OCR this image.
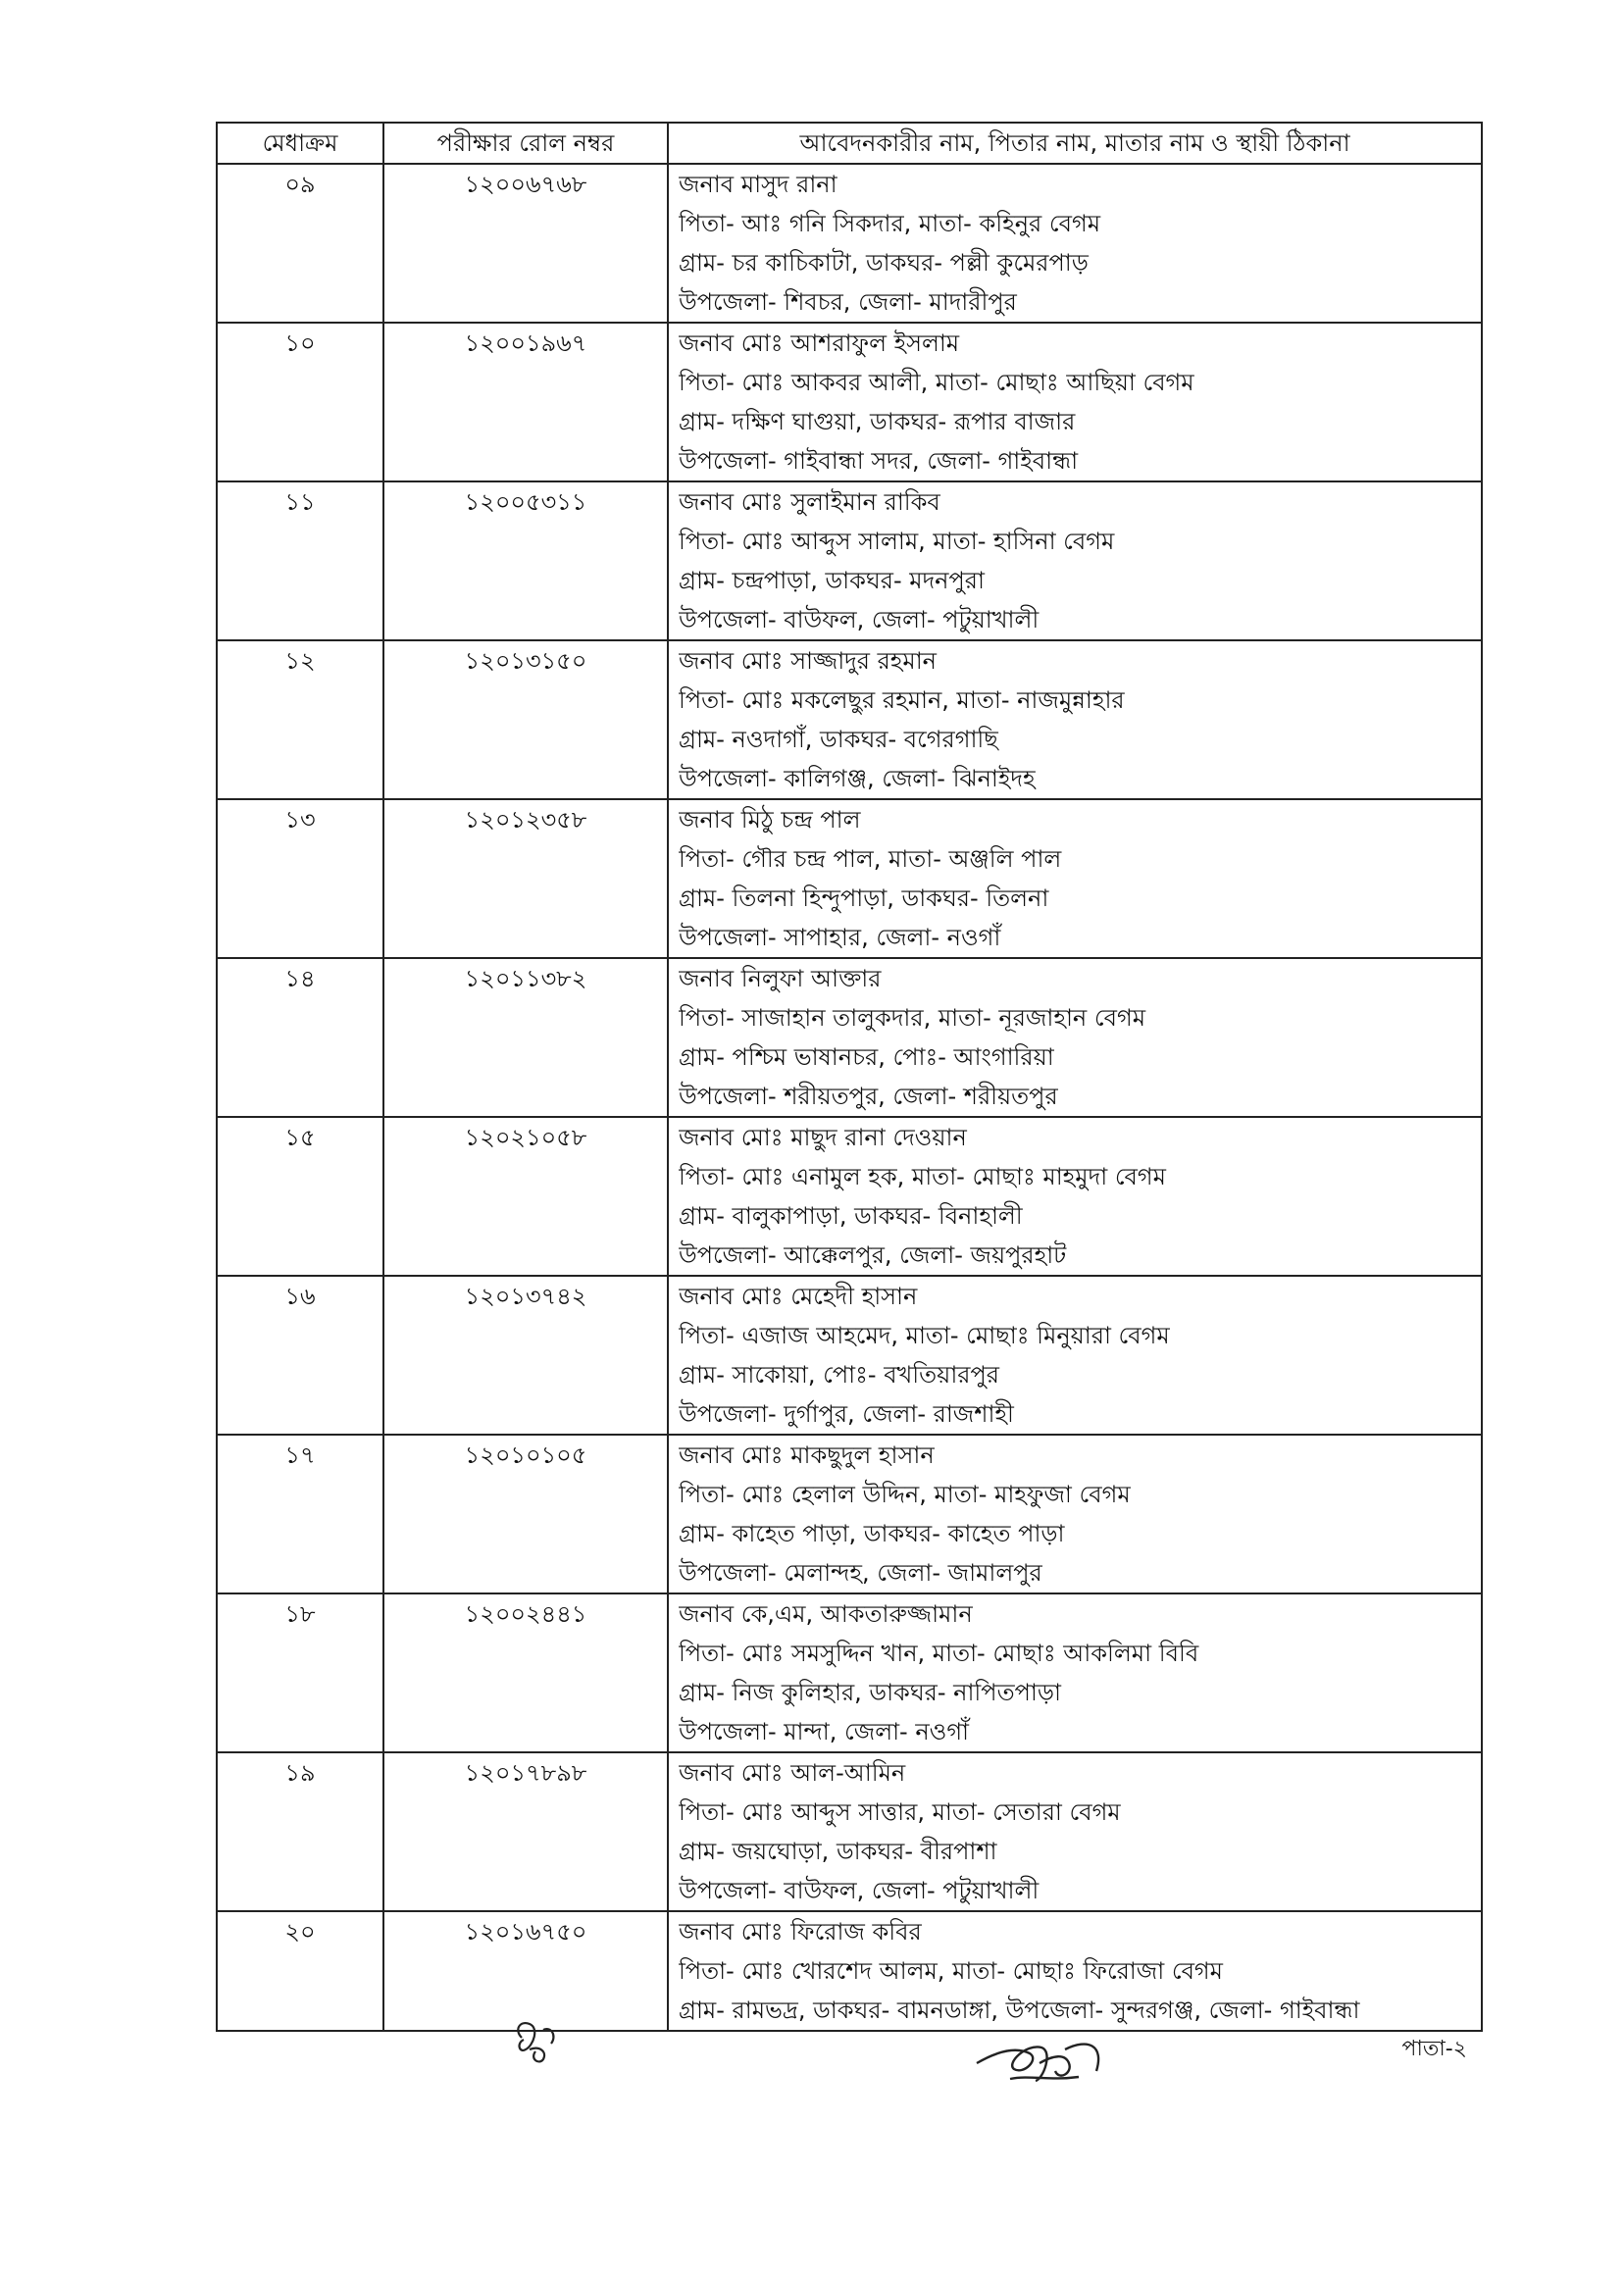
মেধাক্রম	পরীক্ষার রোল নম্বর	আবেদনকারীর নাম, পিতার নাম, মাতার নাম ও স্থায়ী ঠিকানা
০৯	১২০০৬৭৬৮	জনাব মাসুদ রানা
পিতা- আঃ গনি সিকদার, মাতা- কহিনুর বেগম
গ্রাম- চর কাচিকাটা, ডাকঘর- পল্লী কুমেরপাড়
উপজেলা- শিবচর, জেলা- মাদারীপুর

১০	১২০০১৯৬৭	জনাব মোঃ আশরাফুল ইসলাম
পিতা- মোঃ আকবর আলী, মাতা- মোছাঃ আছিয়া বেগম
গ্রাম- দক্ষিণ ঘাগুয়া, ডাকঘর- রূপার বাজার
উপজেলা- গাইবান্ধা সদর, জেলা- গাইবান্ধা

১১	১২০০৫৩১১	জনাব মোঃ সুলাইমান রাকিব
পিতা- মোঃ আব্দুস সালাম, মাতা- হাসিনা বেগম
গ্রাম- চন্দ্রপাড়া, ডাকঘর- মদনপুরা
উপজেলা- বাউফল, জেলা- পটুয়াখালী

১২	১২০১৩১৫০	জনাব মোঃ সাজ্জাদুর রহমান
পিতা- মোঃ মকলেছুর রহমান, মাতা- নাজমুন্নাহার
গ্রাম- নওদাগাঁ, ডাকঘর- বগেরগাছি
উপজেলা- কালিগঞ্জ, জেলা- ঝিনাইদহ

১৩	১২০১২৩৫৮	জনাব মিঠু চন্দ্র পাল
পিতা- গৌর চন্দ্র পাল, মাতা- অঞ্জলি পাল
গ্রাম- তিলনা হিন্দুপাড়া, ডাকঘর- তিলনা
উপজেলা- সাপাহার, জেলা- নওগাঁ

১৪	১২০১১৩৮২	জনাব নিলুফা আক্তার
পিতা- সাজাহান তালুকদার, মাতা- নূরজাহান বেগম
গ্রাম- পশ্চিম ভাষানচর, পোঃ- আংগারিয়া
উপজেলা- শরীয়তপুর, জেলা- শরীয়তপুর

১৫	১২০২১০৫৮	জনাব মোঃ মাছুদ রানা দেওয়ান
পিতা- মোঃ এনামুল হক, মাতা- মোছাঃ মাহমুদা বেগম
গ্রাম- বালুকাপাড়া, ডাকঘর- বিনাহালী
উপজেলা- আক্কেলপুর, জেলা- জয়পুরহাট

১৬	১২০১৩৭৪২	জনাব মোঃ মেহেদী হাসান
পিতা- এজাজ আহমেদ, মাতা- মোছাঃ মিনুয়ারা বেগম
গ্রাম- সাকোয়া, পোঃ- বখতিয়ারপুর
উপজেলা- দুর্গাপুর, জেলা- রাজশাহী

১৭	১২০১০১০৫	জনাব মোঃ মাকছুদুল হাসান
পিতা- মোঃ হেলাল উদ্দিন, মাতা- মাহফুজা বেগম
গ্রাম- কাহেত পাড়া, ডাকঘর- কাহেত পাড়া
উপজেলা- মেলান্দহ, জেলা- জামালপুর

১৮	১২০০২৪৪১	জনাব কে,এম, আকতারুজ্জামান
পিতা- মোঃ সমসুদ্দিন খান, মাতা- মোছাঃ আকলিমা বিবি
গ্রাম- নিজ কুলিহার, ডাকঘর- নাপিতপাড়া
উপজেলা- মান্দা, জেলা- নওগাঁ

১৯	১২০১৭৮৯৮	জনাব মোঃ আল-আমিন
পিতা- মোঃ আব্দুস সাত্তার, মাতা- সেতারা বেগম
গ্রাম- জয়ঘোড়া, ডাকঘর- বীরপাশা
উপজেলা- বাউফল, জেলা- পটুয়াখালী

২০	১২০১৬৭৫০	জনাব মোঃ ফিরোজ কবির
পিতা- মোঃ খোরশেদ আলম, মাতা- মোছাঃ ফিরোজা বেগম
গ্রাম- রামভদ্র, ডাকঘর- বামনডাঙ্গা, উপজেলা- সুন্দরগঞ্জ, জেলা- গাইবান্ধা
পাতা-২
